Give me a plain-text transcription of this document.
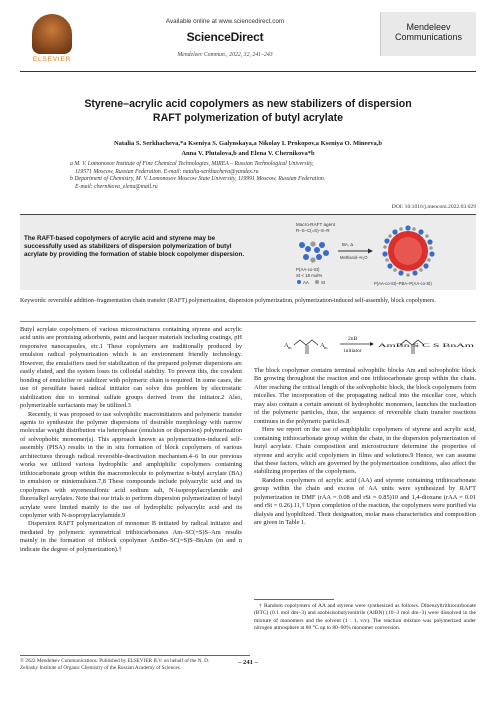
ELSEVIER
Available online at www.sciencedirect.com
ScienceDirect
Mendeleev Commun., 2022, 32, 241–243
Mendeleev
Communications
Styrene–acrylic acid copolymers as new stabilizers of dispersion
RAFT polymerization of butyl acrylate
Natalia S. Serkhacheva,*a Kseniya S. Galynskaya,a Nikolay I. Prokopov,a Kseniya O. Mineeva,b
Anna V. Plutalova,b and Elena V. Chernikova*b

a M. V. Lomonosov Institute of Fine Chemical Technologies, MIREA – Russian Technological University,
119571 Moscow, Russian Federation. E-mail: natalia-serkhacheva@yandex.ru

b Department of Chemistry, M. V. Lomonosov Moscow State University, 119991 Moscow, Russian Federation.
E-mail: chernikova_elena@mail.ru

DOI: 10.1016/j.mencom.2022.03.029
The RAFT-based copolymers of acrylic acid and styrene may be successfully used as stabilizers of dispersion polymerization of butyl acrylate by providing the formation of stable block copolymer dispersion.
Macro-RAFT agent
R–S–C(=S)–S–R
P(AA-co-St)
St < 18 mol%
AA	St
BA, Δ
Methanol–H₂O
P(AA-co-St)–PBA–P(AA-co-St)
Keywords: reversible addition–fragmentation chain transfer (RAFT) polymerization, dispersion polymerization, polymerization-induced self-assembly, block copolymers.

Butyl acrylate copolymers of various microstructures containing styrene and acrylic acid units are promising adsorbents, paint and lacquer materials including coatings, pH responsive nanocapsules, etc.1 These copolymers are traditionally produced by emulsion radical polymerization which is an environment friendly technology. However, the emulsifiers used for stabilization of the prepared polymer dispersions are easily eluted, and the system loses its colloidal stability. To prevent this, the covalent bonding of emulsifier or stabilizer with polymeric chain is required. In some cases, the use of persulfate based radical initiator can solve this problem by electrostatic stabilization due to terminal sulfate groups derived from the initiator.2 Also, polymerizable surfactants may be utilized.3

Recently, it was proposed to use solvophilic macroinitiators and polymeric transfer agents to synthesize the polymer dispersions of desirable morphology with narrow molecular weight distribution via heterophase (emulsion or dispersion) polymerization of solvophobic monomer(s). This approach known as polymerization-induced self-assembly (PISA) results in the in situ formation of block copolymers of various architectures through radical reversible-deactivation mechanism.4–6 In our previous works we utilized various hydrophilic and amphiphilic copolymers containing trithiocarbonate group within the macromolecule to polymerize n-butyl acrylate (BA) in emulsion or miniemulsion.7,8 These compounds include polyacrylic acid and its copolymers with styrenesulfonic acid sodium salt, N-isopropylacrylamide and fluoroalkyl acrylates. Note that our trials to perform dispersion polymerization of butyl acrylate were limited mainly to the use of hydrophilic polyacrylic acid and its copolymer with N-isopropylacrylamide.9

Dispersion RAFT polymerization of monomer B initiated by radical initiator and mediated by polymeric symmetrical trithiocarbonates Am–SC(=S)S–Am results mainly in the formation of triblock copolymer AmBn–SC(=S)S–BnAm (m and n indicate the degree of polymerization).†

A m	A m
2nB
initiator
AmBn S C S BnAm

The block copolymer contains terminal solvophilic blocks Am and solvophobic block Bn growing throughout the reaction and one trithiocarbonate group within the chain. After reaching the critical length of the solvophobic block, the block copolymers form micelles. The incorporation of the propagating radical into the micellar core, which may also contain a certain amount of hydrophobic monomers, launches the nucleation of the polymeric particles, thus, the sequence of reversible chain transfer reactions continues in the polymeric particles.8

Here we report on the use of amphiphilic copolymers of styrene and acrylic acid, containing trithiocarbonate group within the chain, in the dispersion polymerization of butyl acrylate. Chain composition and microstructure determine the properties of styrene and acrylic acid copolymers in films and solutions.9 Hence, we can assume that these factors, which are governed by the polymerization conditions, also affect the stabilizing properties of the copolymers.

Random copolymers of acrylic acid (AA) and styrene containing trithiocarbonate group within the chain and excess of AA units were synthesized by RAFT polymerization in DMF (rAA = 0.08 and rSt = 0.85)10 and 1,4-dioxane (rAA = 0.01 and rSt = 0.26).11,† Upon completion of the reaction, the copolymers were purified via dialysis and lyophilized. Their designation, molar mass characteristics and composition are given in Table 1.

† Random copolymers of AA and styrene were synthesized as follows. Dibenzyltrithiocarbonate (BTC) (0.1 mol dm−3) and azobisisobutyronitrile (AIBN) (10−3 mol dm−3) were dissolved in the mixture of monomers and the solvent (1 : 1, v/v). The reaction mixture was polymerized under nitrogen atmosphere at 80 °C up to 80–90% monomer conversion.

© 2022 Mendeleev Communications. Published by ELSEVIER B.V. on behalf of the N. D. Zelinsky Institute of Organic Chemistry of the Russian Academy of Sciences.
– 241 –
